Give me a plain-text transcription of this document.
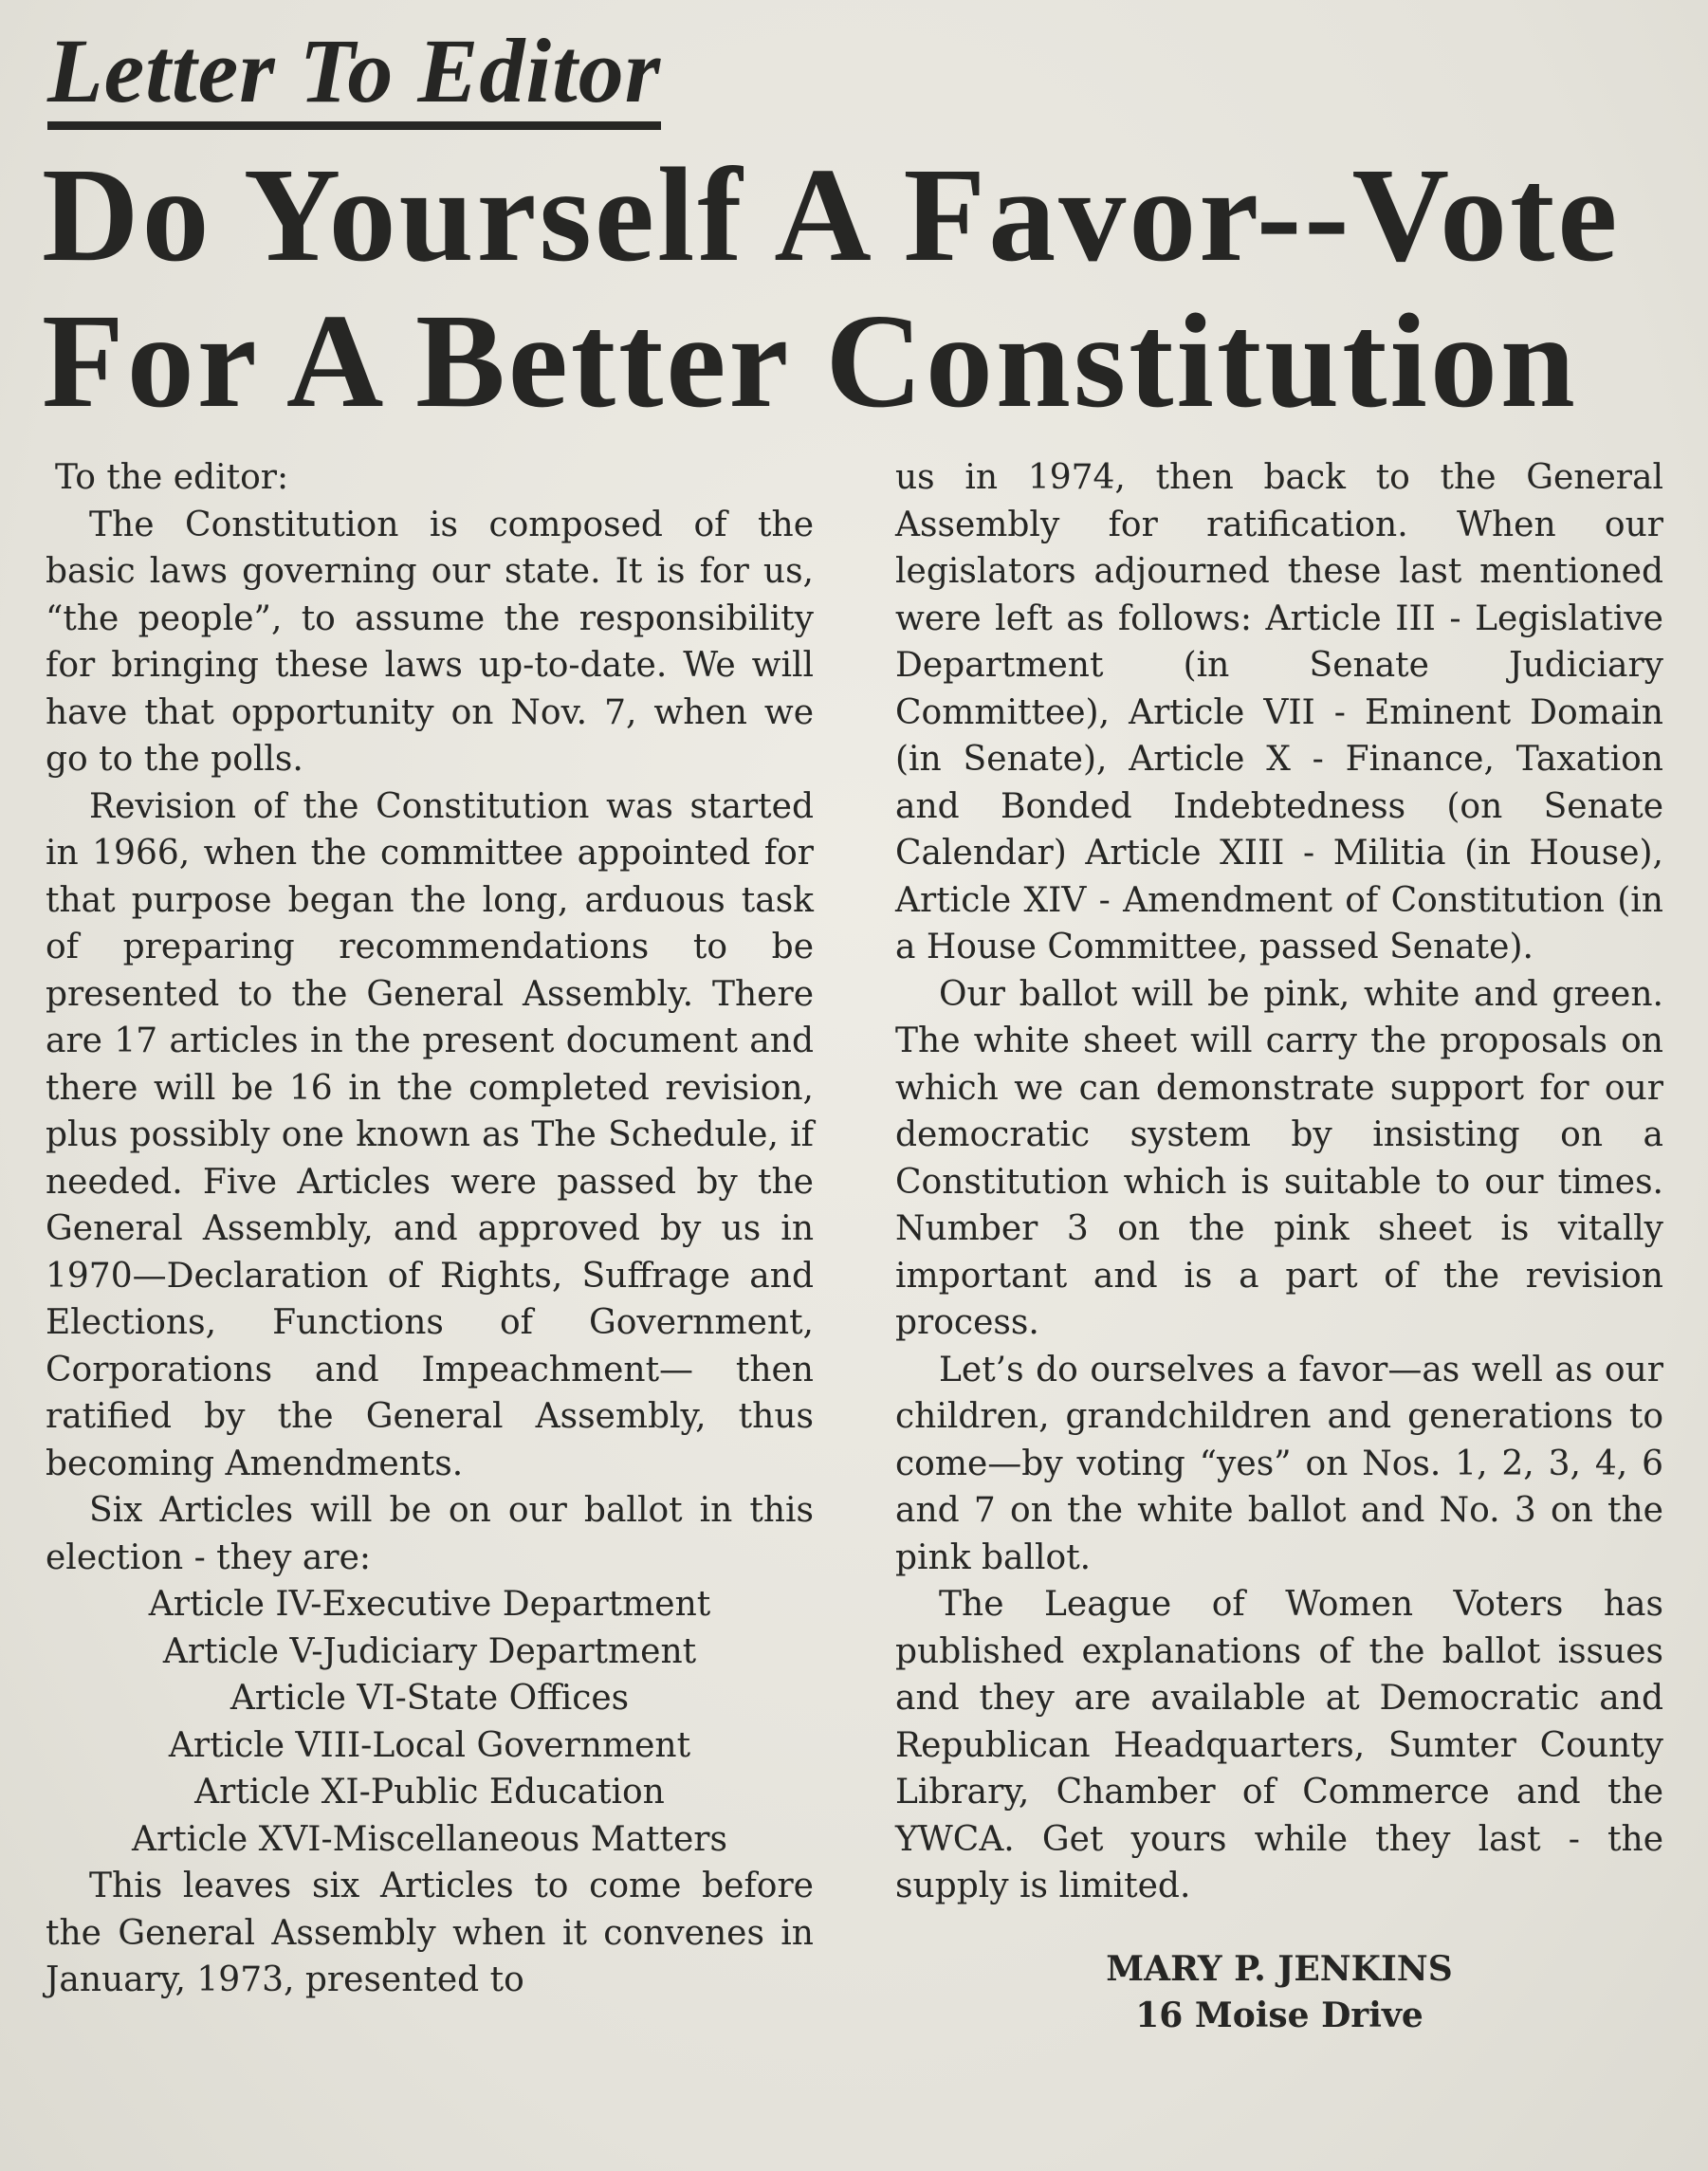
Letter To Editor
Do Yourself A Favor--Vote
For A Better Constitution

To the editor:

The Constitution is composed of the basic laws governing our state. It is for us, “the people”, to assume the responsibility for bringing these laws up-to-date. We will have that opportunity on Nov. 7, when we go to the polls.

Revision of the Constitution was started in 1966, when the committee appointed for that purpose began the long, arduous task of preparing recommendations to be presented to the General Assembly. There are 17 articles in the present document and there will be 16 in the completed revision, plus possibly one known as The Schedule, if needed. Five Articles were passed by the General Assembly, and approved by us in 1970—Declaration of Rights, Suffrage and Elections, Functions of Government, Corporations and Impeachment— then ratified by the General Assembly, thus becoming Amendments.

Six Articles will be on our ballot in this election - they are:

Article IV-Executive Department
Article V-Judiciary Department
Article VI-State Offices
Article VIII-Local Government
Article XI-Public Education
Article XVI-Miscellaneous Matters

This leaves six Articles to come before the General Assembly when it convenes in January, 1973, presented to

us in 1974, then back to the General Assembly for ratification. When our legislators adjourned these last mentioned were left as follows: Article III - Legislative Department (in Senate Judiciary Committee), Article VII - Eminent Domain (in Senate), Article X - Finance, Taxation and Bonded Indebtedness (on Senate Calendar) Article XIII - Militia (in House), Article XIV - Amendment of Constitution (in a House Committee, passed Senate).

Our ballot will be pink, white and green. The white sheet will carry the proposals on which we can demonstrate support for our democratic system by insisting on a Constitution which is suitable to our times. Number 3 on the pink sheet is vitally important and is a part of the revision process.

Let’s do ourselves a favor—as well as our children, grandchildren and generations to come—by voting “yes” on Nos. 1, 2, 3, 4, 6 and 7 on the white ballot and No. 3 on the pink ballot.

The League of Women Voters has published explanations of the ballot issues and they are available at Democratic and Republican Headquarters, Sumter County Library, Chamber of Commerce and the YWCA. Get yours while they last - the supply is limited.

MARY P. JENKINS
16 Moise Drive
